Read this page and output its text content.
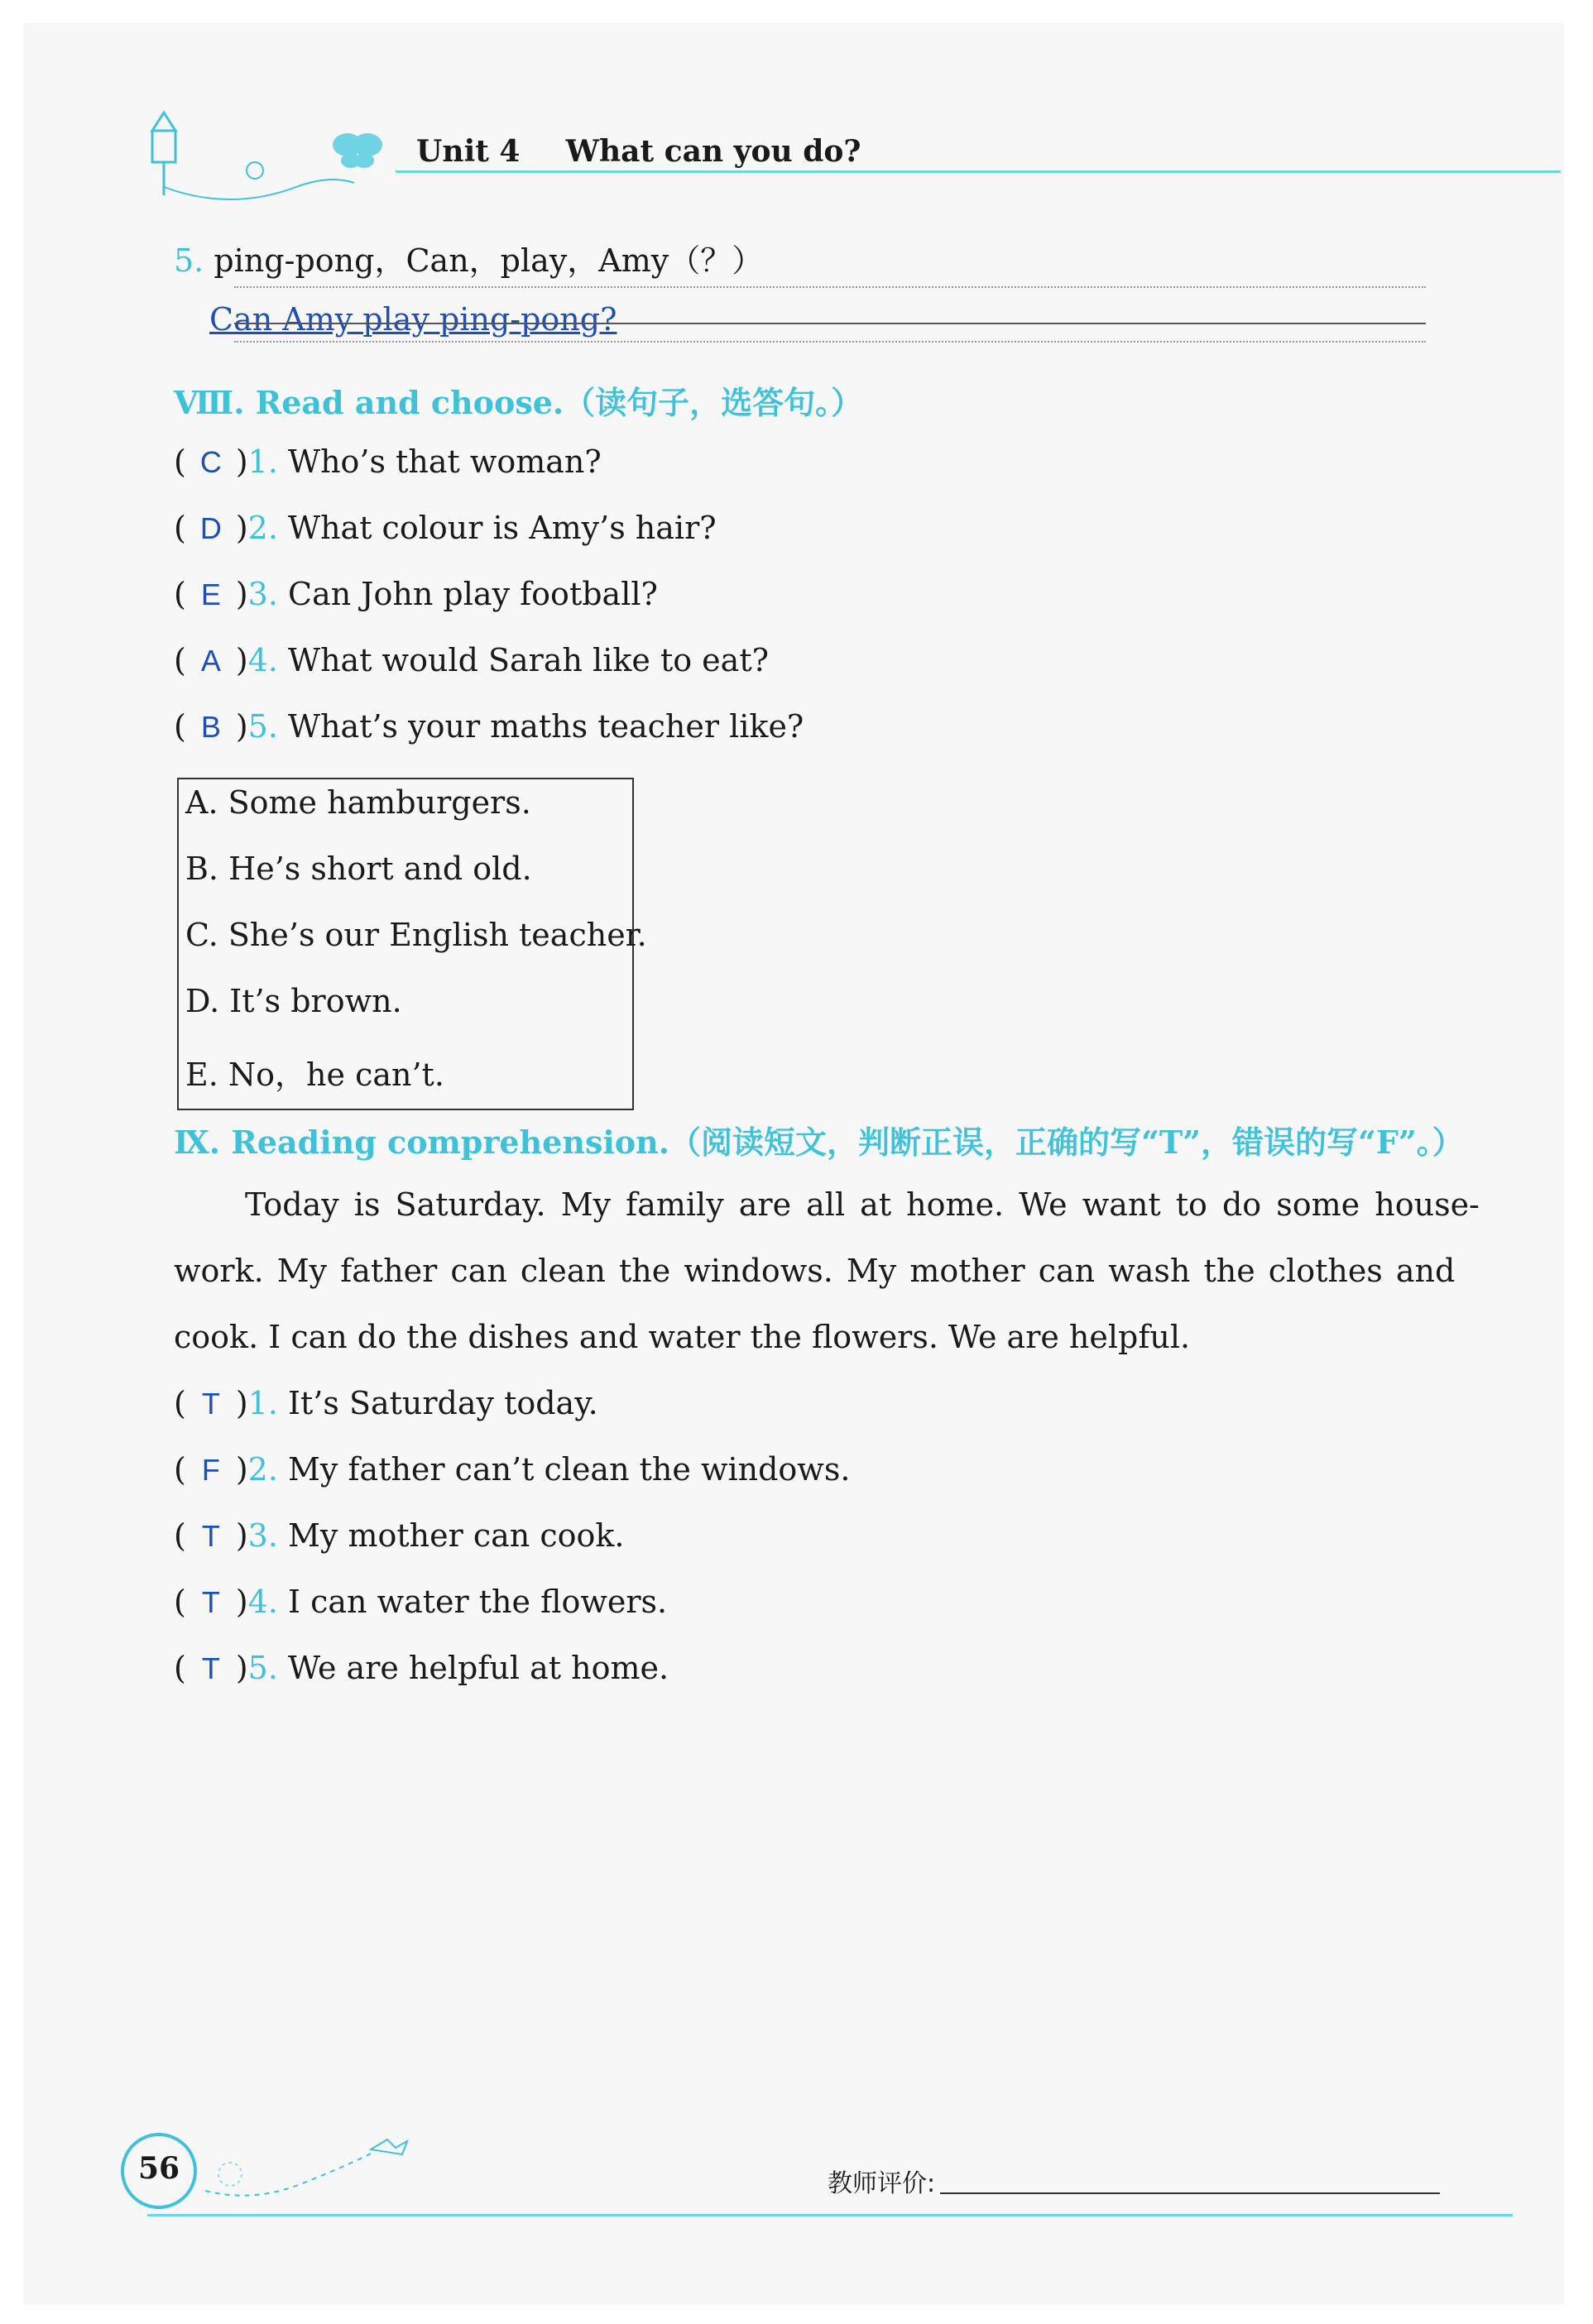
Unit 4 What can you do?
5. ping-pong，Can，play，Amy（？）
Can Amy play ping-pong?
Ⅷ. Read and choose.（读句子，选答句。）
( C )1. Who’s that woman?
( D )2. What colour is Amy’s hair?
( E )3. Can John play football?
( A )4. What would Sarah like to eat?
( B )5. What’s your maths teacher like?
A. Some hamburgers.
B. He’s short and old.
C. She’s our English teacher.
D. It’s brown.
E. No，he can’t.
Ⅸ. Reading comprehension.（阅读短文，判断正误，正确的写“T”，错误的写“F”。）
Today is Saturday. My family are all at home. We want to do some house-
work. My father can clean the windows. My mother can wash the clothes and
cook. I can do the dishes and water the flowers. We are helpful.
( T )1. It’s Saturday today.
( F )2. My father can’t clean the windows.
( T )3. My mother can cook.
( T )4. I can water the flowers.
( T )5. We are helpful at home.
56	教师评价:
